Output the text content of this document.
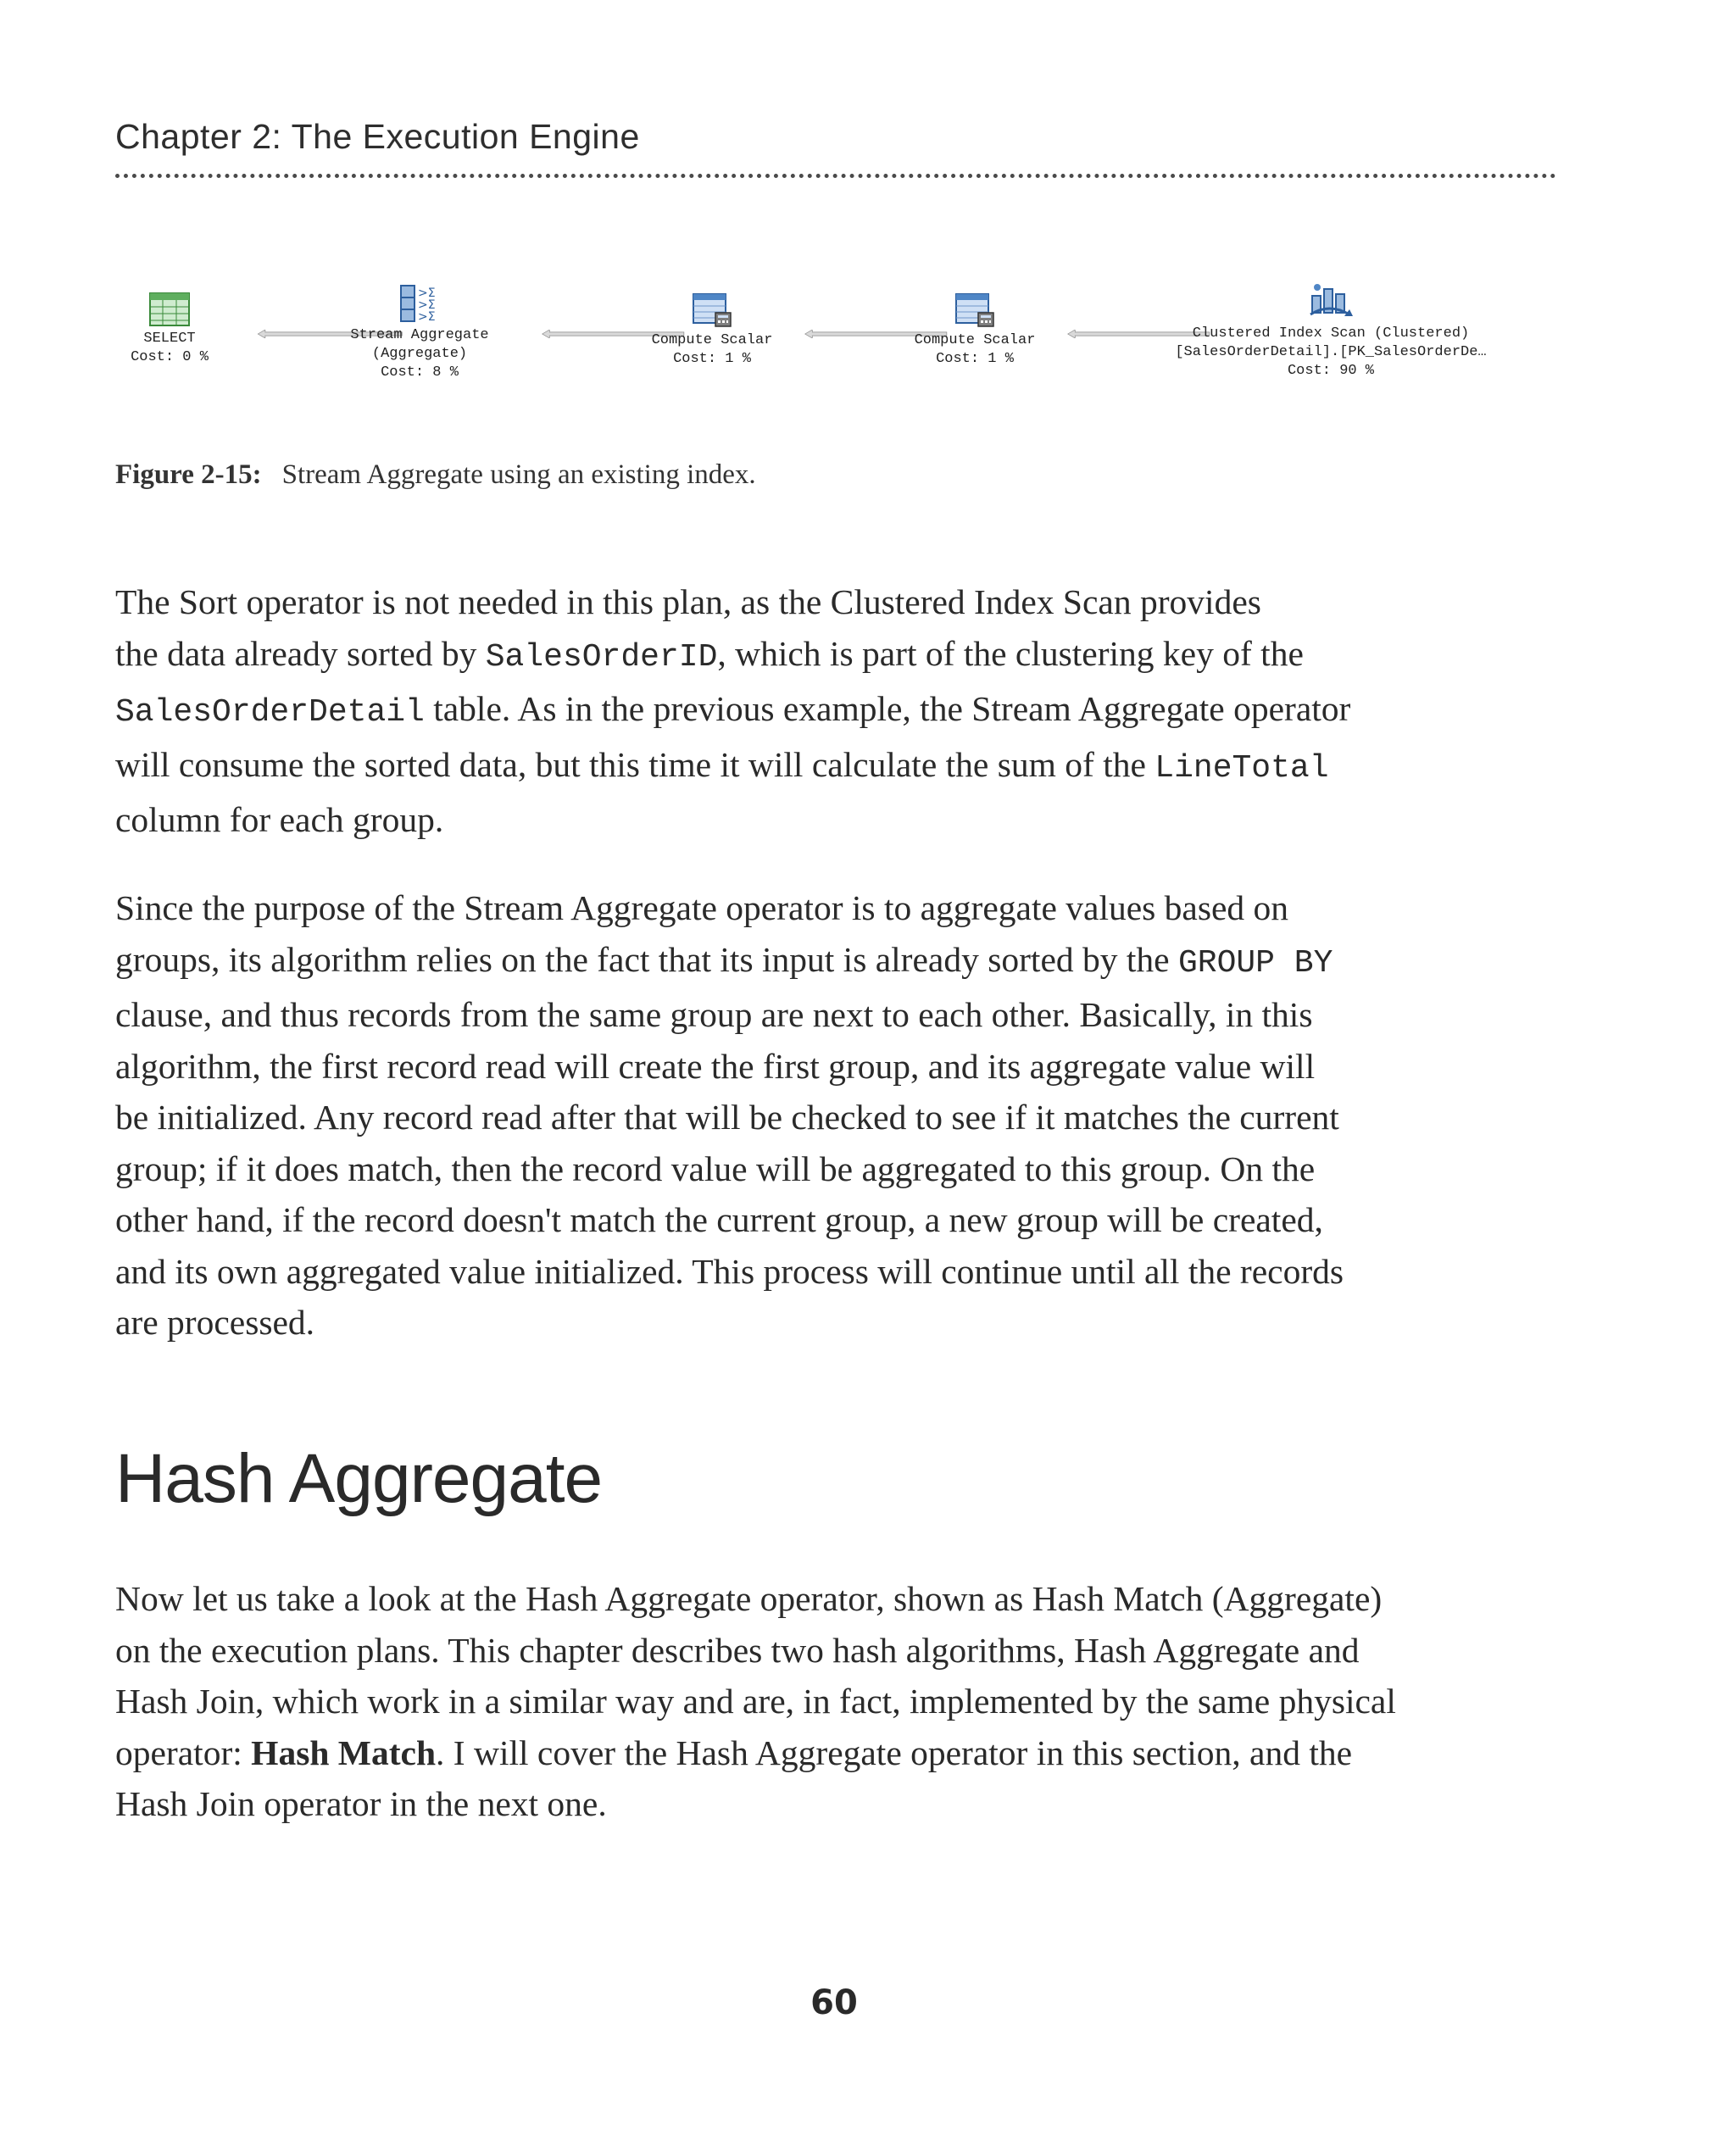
Chapter 2: The Execution Engine
SELECT
Cost: 0 %
>Σ
>Σ
>Σ
Stream Aggregate
(Aggregate)
Cost: 8 %
Compute Scalar
Cost: 1 %
Compute Scalar
Cost: 1 %
Clustered Index Scan (Clustered)
[SalesOrderDetail].[PK_SalesOrderDe…
Cost: 90 %
Figure 2-15: Stream Aggregate using an existing index.

The Sort operator is not needed in this plan, as the Clustered Index Scan provides
the data already sorted by SalesOrderID, which is part of the clustering key of the
SalesOrderDetail table. As in the previous example, the Stream Aggregate operator
will consume the sorted data, but this time it will calculate the sum of the LineTotal
column for each group.

Since the purpose of the Stream Aggregate operator is to aggregate values based on
groups, its algorithm relies on the fact that its input is already sorted by the GROUP BY
clause, and thus records from the same group are next to each other. Basically, in this
algorithm, the first record read will create the first group, and its aggregate value will
be initialized. Any record read after that will be checked to see if it matches the current
group; if it does match, then the record value will be aggregated to this group. On the
other hand, if the record doesn't match the current group, a new group will be created,
and its own aggregated value initialized. This process will continue until all the records
are processed.

Hash Aggregate

Now let us take a look at the Hash Aggregate operator, shown as Hash Match (Aggregate)
on the execution plans. This chapter describes two hash algorithms, Hash Aggregate and
Hash Join, which work in a similar way and are, in fact, implemented by the same physical
operator: Hash Match. I will cover the Hash Aggregate operator in this section, and the
Hash Join operator in the next one.

60
